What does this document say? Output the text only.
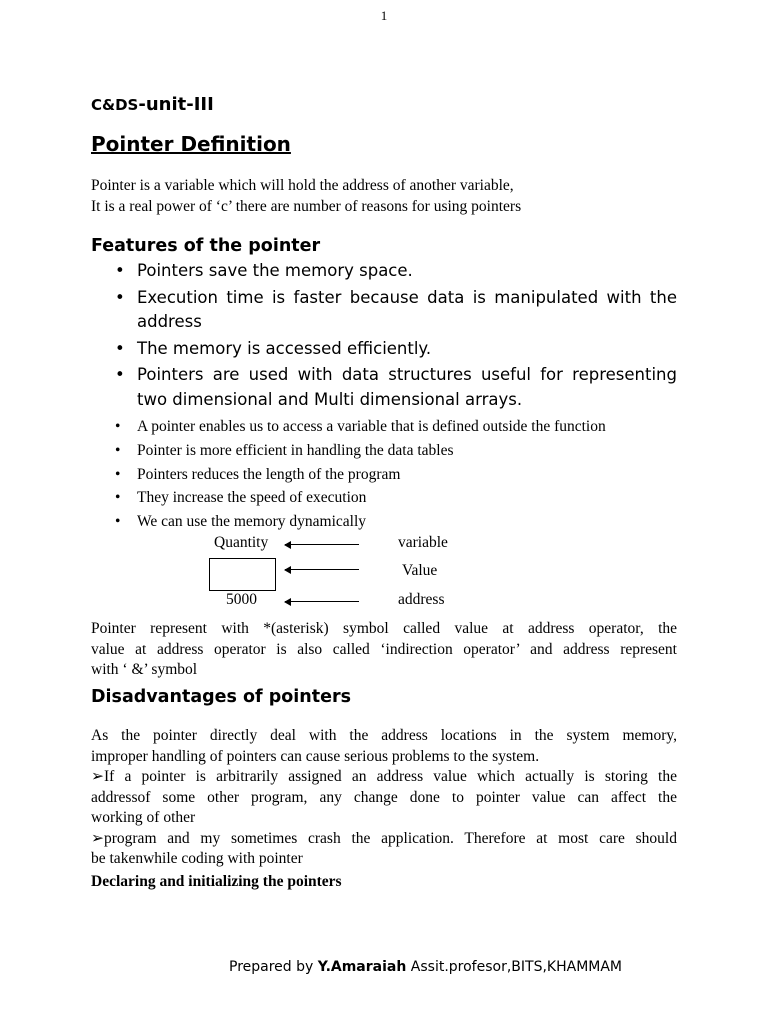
1
C&DS-unit-III
Pointer Definition
Pointer is a variable which will hold the address of another variable,
It is a real power of ‘c’ there are number of reasons for using pointers
Features of the pointer
• Pointers save the memory space.
• Execution time is faster because data is manipulated with the address
• The memory is accessed efficiently.
• Pointers are used with data structures useful for representing two dimensional and Multi dimensional arrays.
• A pointer enables us to access a variable that is defined outside the function
• Pointer is more efficient in handling the data tables
• Pointers reduces the length of the program
• They increase the speed of execution
• We can use the memory dynamically
Quantity	variable
Value
5000	address
Pointer represent with *(asterisk) symbol called value at address operator, the
value at address operator is also called ‘indirection operator’ and address represent
with ‘ &’ symbol
Disadvantages of pointers
As the pointer directly deal with the address locations in the system memory,
improper handling of pointers can cause serious problems to the system.
➢If a pointer is arbitrarily assigned an address value which actually is storing the
addressof some other program, any change done to pointer value can affect the
working of other
➢program and my sometimes crash the application. Therefore at most care should
be takenwhile coding with pointer
Declaring and initializing the pointers
Prepared by Y.Amaraiah Assit.profesor,BITS,KHAMMAM
